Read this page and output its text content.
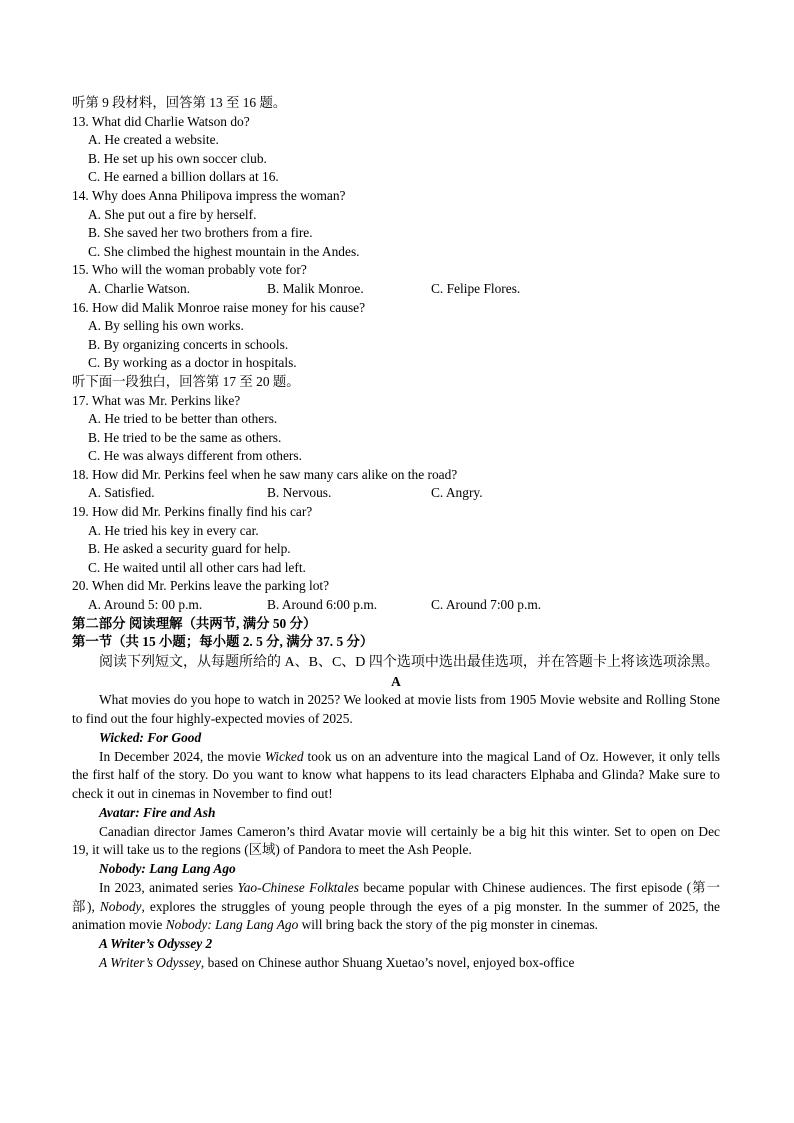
听第 9 段材料，回答第 13 至 16 题。
13. What did Charlie Watson do?
A. He created a website.
B. He set up his own soccer club.
C. He earned a billion dollars at 16.
14. Why does Anna Philipova impress the woman?
A. She put out a fire by herself.
B. She saved her two brothers from a fire.
C. She climbed the highest mountain in the Andes.
15. Who will the woman probably vote for?
A. Charlie Watson.	B. Malik Monroe.	C. Felipe Flores.
16. How did Malik Monroe raise money for his cause?
A. By selling his own works.
B. By organizing concerts in schools.
C. By working as a doctor in hospitals.
听下面一段独白，回答第 17 至 20 题。
17. What was Mr. Perkins like?
A. He tried to be better than others.
B. He tried to be the same as others.
C. He was always different from others.
18. How did Mr. Perkins feel when he saw many cars alike on the road?
A. Satisfied.	B. Nervous.	C. Angry.
19. How did Mr. Perkins finally find his car?
A. He tried his key in every car.
B. He asked a security guard for help.
C. He waited until all other cars had left.
20. When did Mr. Perkins leave the parking lot?
A. Around 5: 00 p.m.	B. Around 6:00 p.m.	C. Around 7:00 p.m.
第二部分 阅读理解（共两节, 满分 50 分）
第一节（共 15 小题；每小题 2. 5 分, 满分 37. 5 分）

阅读下列短文，从每题所给的 A、B、C、D 四个选项中选出最佳选项，并在答题卡上将该选项涂黑。

A

What movies do you hope to watch in 2025? We looked at movie lists from 1905 Movie website and Rolling Stone to find out the four highly-expected movies of 2025.

Wicked: For Good

In December 2024, the movie Wicked took us on an adventure into the magical Land of Oz. However, it only tells the first half of the story. Do you want to know what happens to its lead characters Elphaba and Glinda? Make sure to check it out in cinemas in November to find out!

Avatar: Fire and Ash

Canadian director James Cameron’s third Avatar movie will certainly be a big hit this winter. Set to open on Dec 19, it will take us to the regions (区域) of Pandora to meet the Ash People.

Nobody: Lang Lang Ago

In 2023, animated series Yao-Chinese Folktales became popular with Chinese audiences. The first episode (第一部), Nobody, explores the struggles of young people through the eyes of a pig monster. In the summer of 2025, the animation movie Nobody: Lang Lang Ago will bring back the story of the pig monster in cinemas.

A Writer’s Odyssey 2

A Writer’s Odyssey, based on Chinese author Shuang Xuetao’s novel, enjoyed box-office
